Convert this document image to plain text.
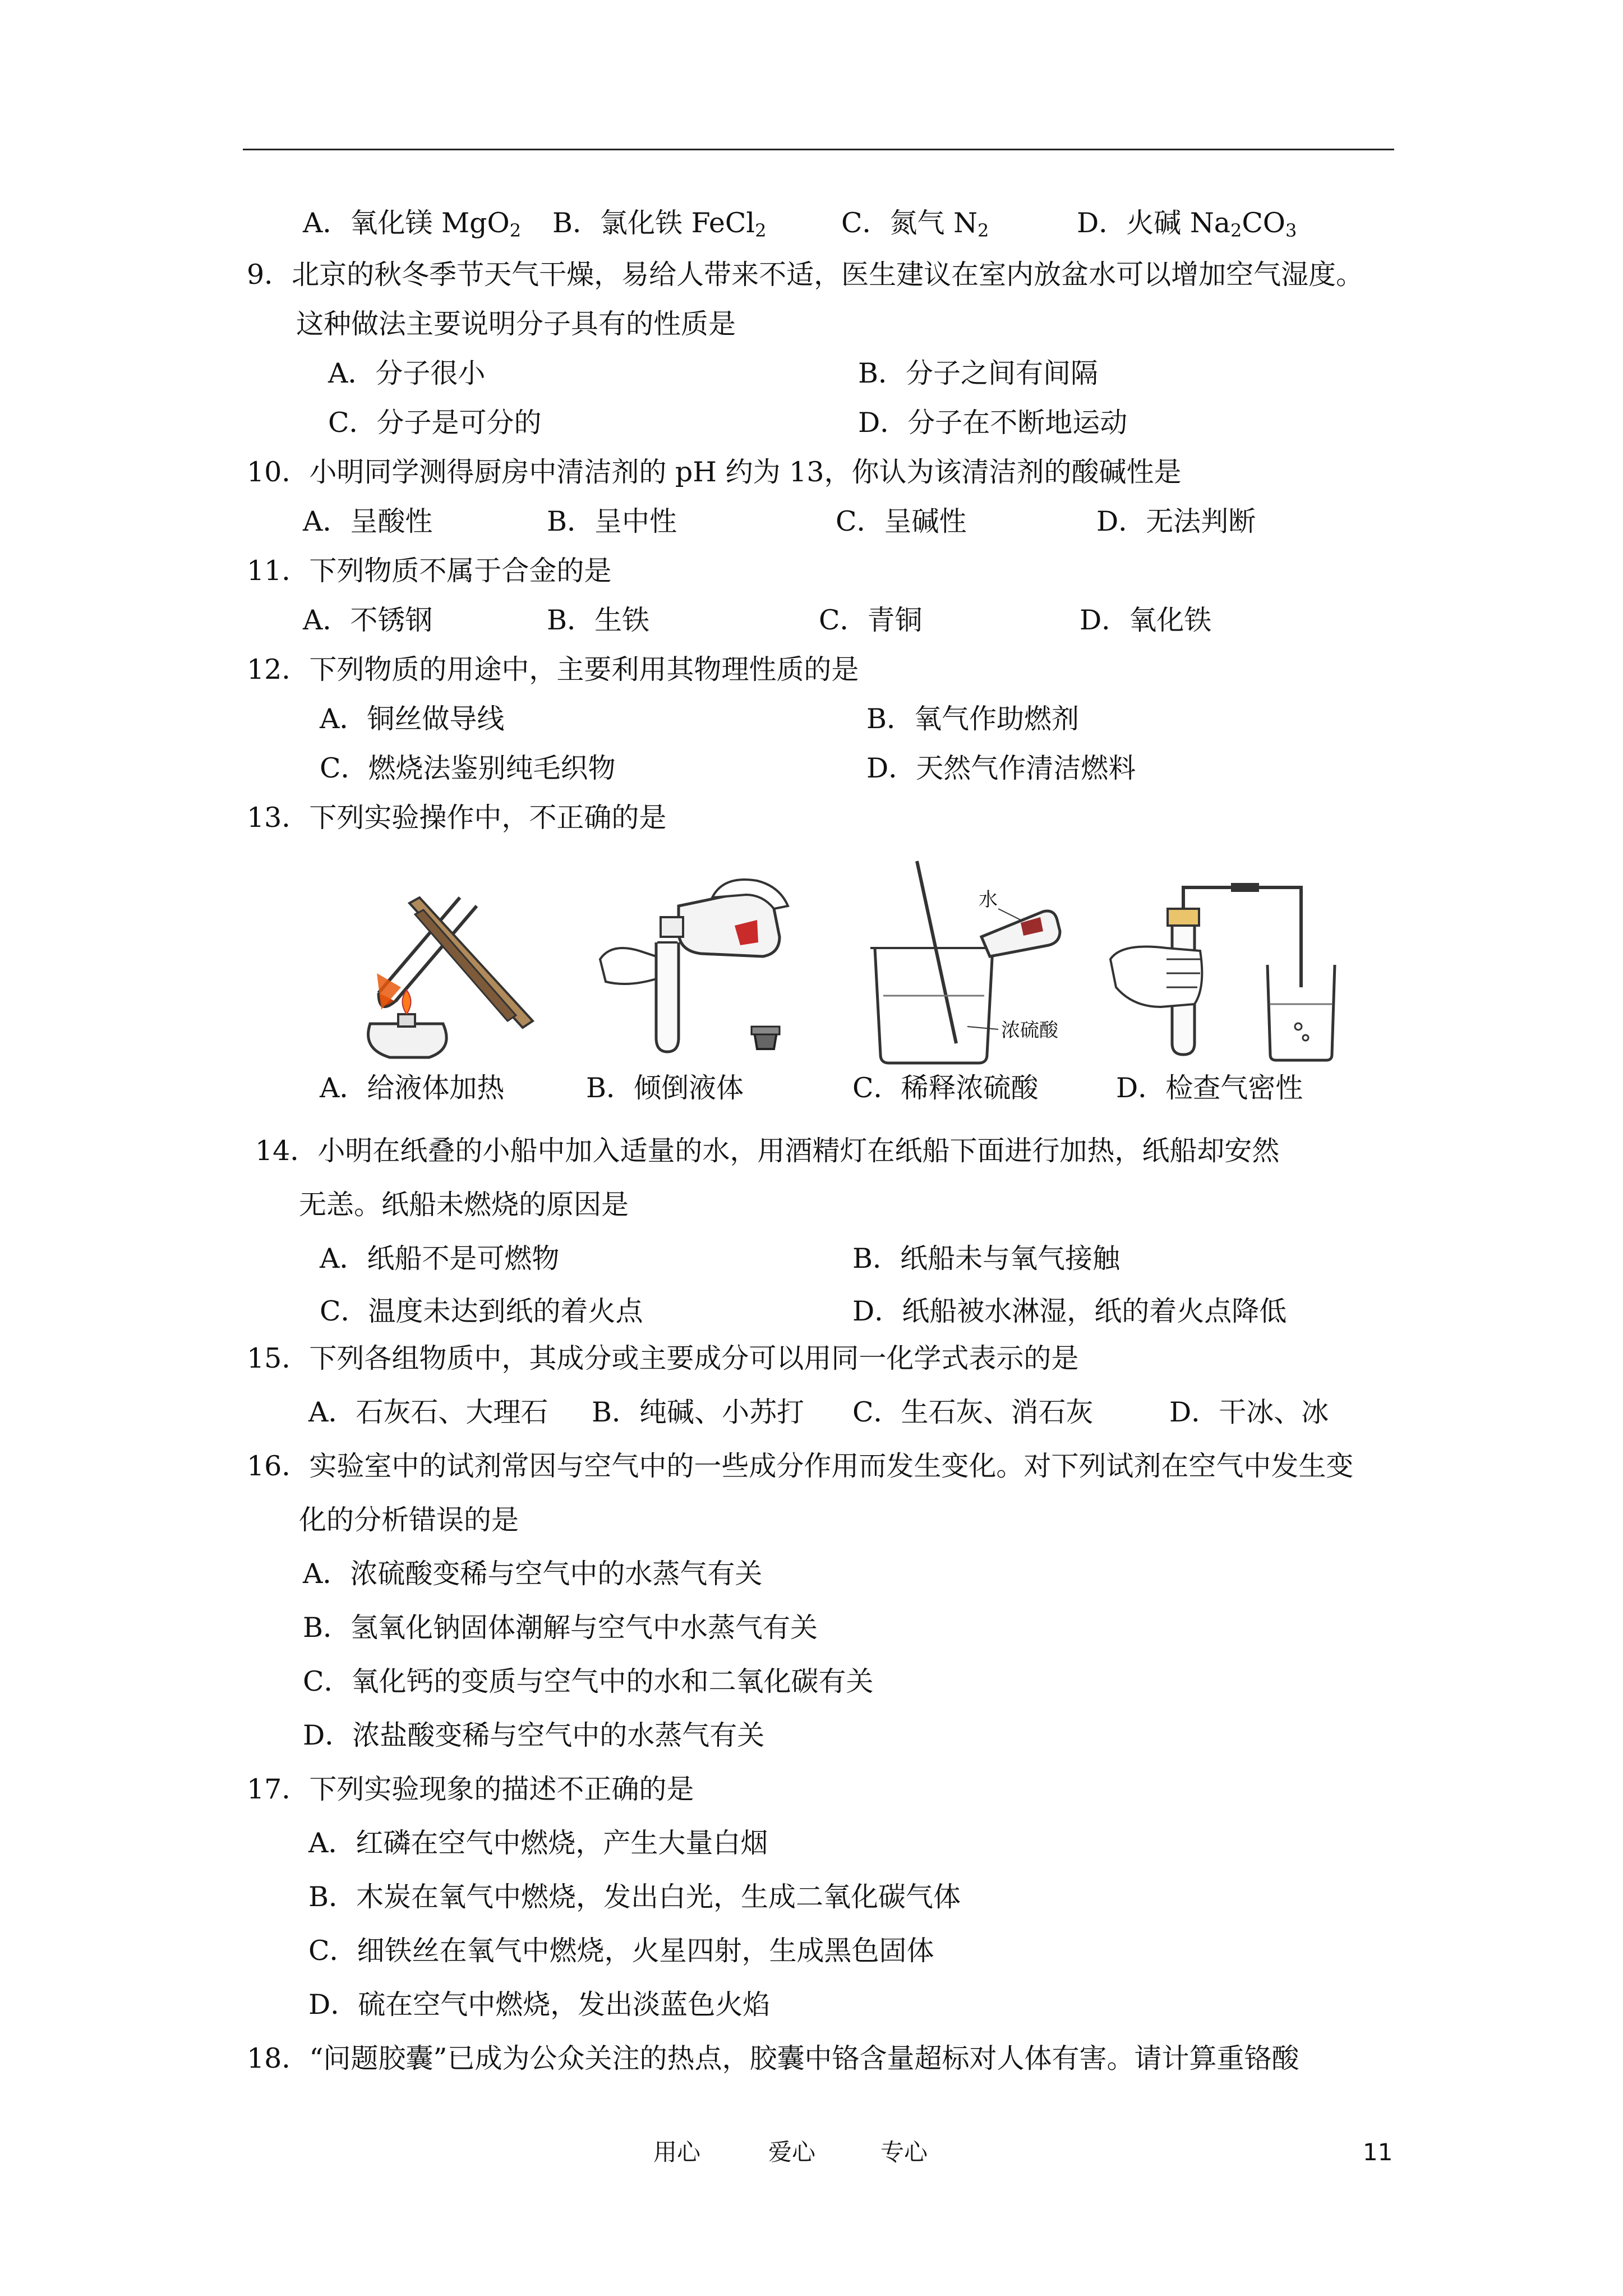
A．氧化镁 MgO$_2$ B．氯化铁 FeCl$_2$	C．氮气 $N_2$	D．火碱 $Na_2CO_3$
9．北京的秋冬季节天气干燥，易给人带来不适，医生建议在室内放盆水可以增加空气湿度。
这种做法主要说明分子具有的性质是
A．分子很小	B．分子之间有间隔
C．分子是可分的	D．分子在不断地运动
10．小明同学测得厨房中清洁剂的 pH 约为 13，你认为该清洁剂的酸碱性是
A．呈酸性	B．呈中性	C．呈碱性	D．无法判断
11．下列物质不属于合金的是
A．不锈钢	B．生铁	C．青铜	D．氧化铁
12．下列物质的用途中，主要利用其物理性质的是
A．铜丝做导线	B．氧气作助燃剂
C．燃烧法鉴别纯毛织物	D．天然气作清洁燃料
13．下列实验操作中，不正确的是
水
浓硫酸
A．给液体加热	B．倾倒液体	C．稀释浓硫酸	D．检查气密性
14．小明在纸叠的小船中加入适量的水，用酒精灯在纸船下面进行加热，纸船却安然
无恙。纸船未燃烧的原因是
A．纸船不是可燃物	B．纸船未与氧气接触
C．温度未达到纸的着火点	D．纸船被水淋湿，纸的着火点降低
15．下列各组物质中，其成分或主要成分可以用同一化学式表示的是
A．石灰石、大理石 B．纯碱、小苏打 C．生石灰、消石灰	D．干冰、冰
16．实验室中的试剂常因与空气中的一些成分作用而发生变化。对下列试剂在空气中发生变
化的分析错误的是
A．浓硫酸变稀与空气中的水蒸气有关
B．氢氧化钠固体潮解与空气中水蒸气有关
C．氧化钙的变质与空气中的水和二氧化碳有关
D．浓盐酸变稀与空气中的水蒸气有关
17．下列实验现象的描述不正确的是
A．红磷在空气中燃烧，产生大量白烟
B．木炭在氧气中燃烧，发出白光，生成二氧化碳气体
C．细铁丝在氧气中燃烧，火星四射，生成黑色固体
D．硫在空气中燃烧，发出淡蓝色火焰
18．“问题胶囊”已成为公众关注的热点，胶囊中铬含量超标对人体有害。请计算重铬酸
用心	爱心	专心	11
